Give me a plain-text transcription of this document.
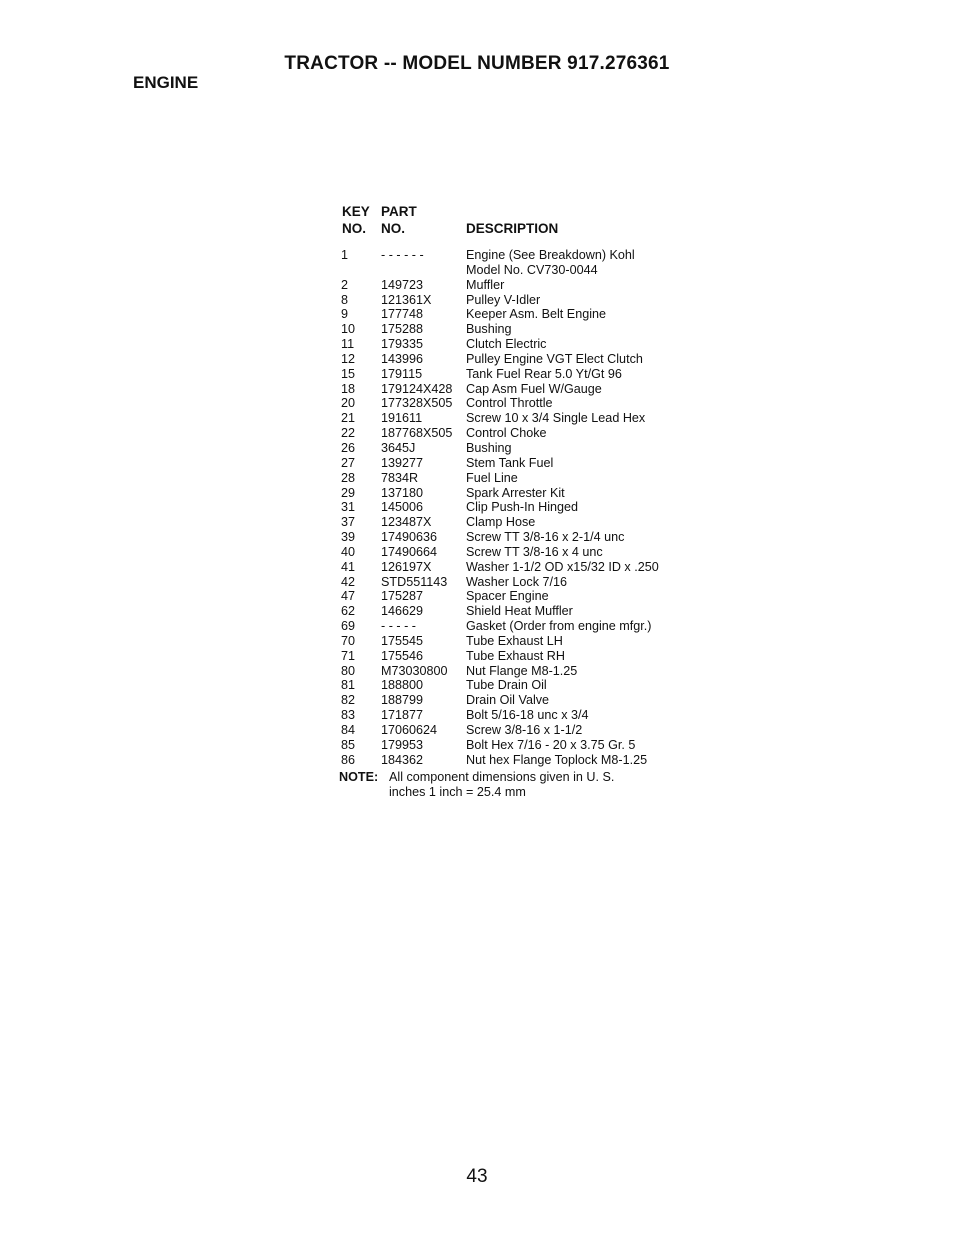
TRACTOR -- MODEL NUMBER 917.276361
ENGINE
KEY
NO.
PART
NO.	DESCRIPTION
1	- - - - - -	Engine (See Breakdown) Kohl
Model No. CV730-0044
2	149723	Muffler
8	121361X	Pulley V-Idler
9	177748	Keeper Asm. Belt Engine
10 175288	Bushing
11 179335	Clutch Electric
12 143996	Pulley Engine VGT Elect Clutch
15 179115	Tank Fuel Rear 5.0 Yt/Gt 96
18 179124X428 Cap Asm Fuel W/Gauge
20 177328X505 Control Throttle
21 191611	Screw 10 x 3/4 Single Lead Hex
22 187768X505 Control Choke
26 3645J	Bushing
27 139277	Stem Tank Fuel
28 7834R	Fuel Line
29 137180	Spark Arrester Kit
31 145006	Clip Push-In Hinged
37 123487X	Clamp Hose
39 17490636 Screw TT 3/8-16 x 2-1/4 unc
40 17490664 Screw TT 3/8-16 x 4 unc
41 126197X	Washer 1-1/2 OD x15/32 ID x .250
42 STD551143 Washer Lock 7/16
47 175287	Spacer Engine
62 146629	Shield Heat Muffler
69 - - - - -	Gasket (Order from engine mfgr.)
70 175545	Tube Exhaust LH
71 175546	Tube Exhaust RH
80 M73030800 Nut Flange M8-1.25
81 188800	Tube Drain Oil
82 188799	Drain Oil Valve
83 171877	Bolt 5/16-18 unc x 3/4
84 17060624 Screw 3/8-16 x 1-1/2
85 179953	Bolt Hex 7/16 - 20 x 3.75 Gr. 5
86 184362	Nut hex Flange Toplock M8-1.25
NOTE: All component dimensions given in U. S. inches 1 inch = 25.4 mm
43
